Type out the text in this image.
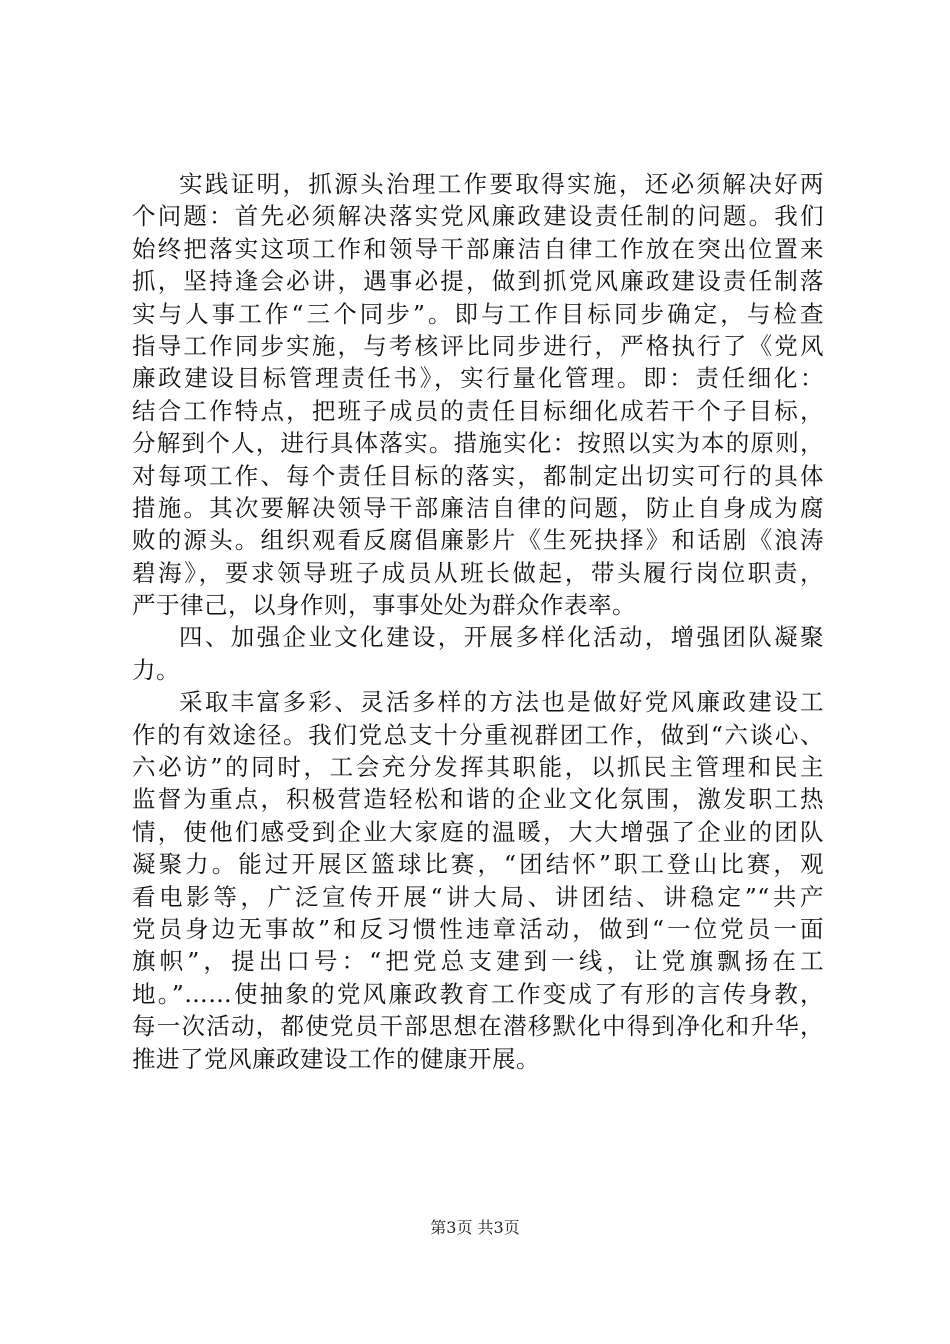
实践证明，抓源头治理工作要取得实施，还必须解决好两
个问题：首先必须解决落实党风廉政建设责任制的问题。我们
始终把落实这项工作和领导干部廉洁自律工作放在突出位置来
抓，坚持逢会必讲，遇事必提，做到抓党风廉政建设责任制落
实与人事工作“三个同步”。即与工作目标同步确定，与检查
指导工作同步实施，与考核评比同步进行，严格执行了《党风
廉政建设目标管理责任书》，实行量化管理。即：责任细化：
结合工作特点，把班子成员的责任目标细化成若干个子目标，
分解到个人，进行具体落实。措施实化：按照以实为本的原则，
对每项工作、每个责任目标的落实，都制定出切实可行的具体
措施。其次要解决领导干部廉洁自律的问题，防止自身成为腐
败的源头。组织观看反腐倡廉影片《生死抉择》和话剧《浪涛
碧海》，要求领导班子成员从班长做起，带头履行岗位职责，
严于律己，以身作则，事事处处为群众作表率。
四、加强企业文化建设，开展多样化活动，增强团队凝聚
力。
采取丰富多彩、灵活多样的方法也是做好党风廉政建设工
作的有效途径。我们党总支十分重视群团工作，做到“六谈心、
六必访”的同时，工会充分发挥其职能，以抓民主管理和民主
监督为重点，积极营造轻松和谐的企业文化氛围，激发职工热
情，使他们感受到企业大家庭的温暖，大大增强了企业的团队
凝聚力。能过开展区篮球比赛，“团结怀”职工登山比赛，观
看电影等，广泛宣传开展“讲大局、讲团结、讲稳定”“共产
党员身边无事故”和反习惯性违章活动，做到“一位党员一面
旗帜”，提出口号：“把党总支建到一线，让党旗飘扬在工
地。”……使抽象的党风廉政教育工作变成了有形的言传身教，
每一次活动，都使党员干部思想在潜移默化中得到净化和升华，
推进了党风廉政建设工作的健康开展。
第3页 共3页
